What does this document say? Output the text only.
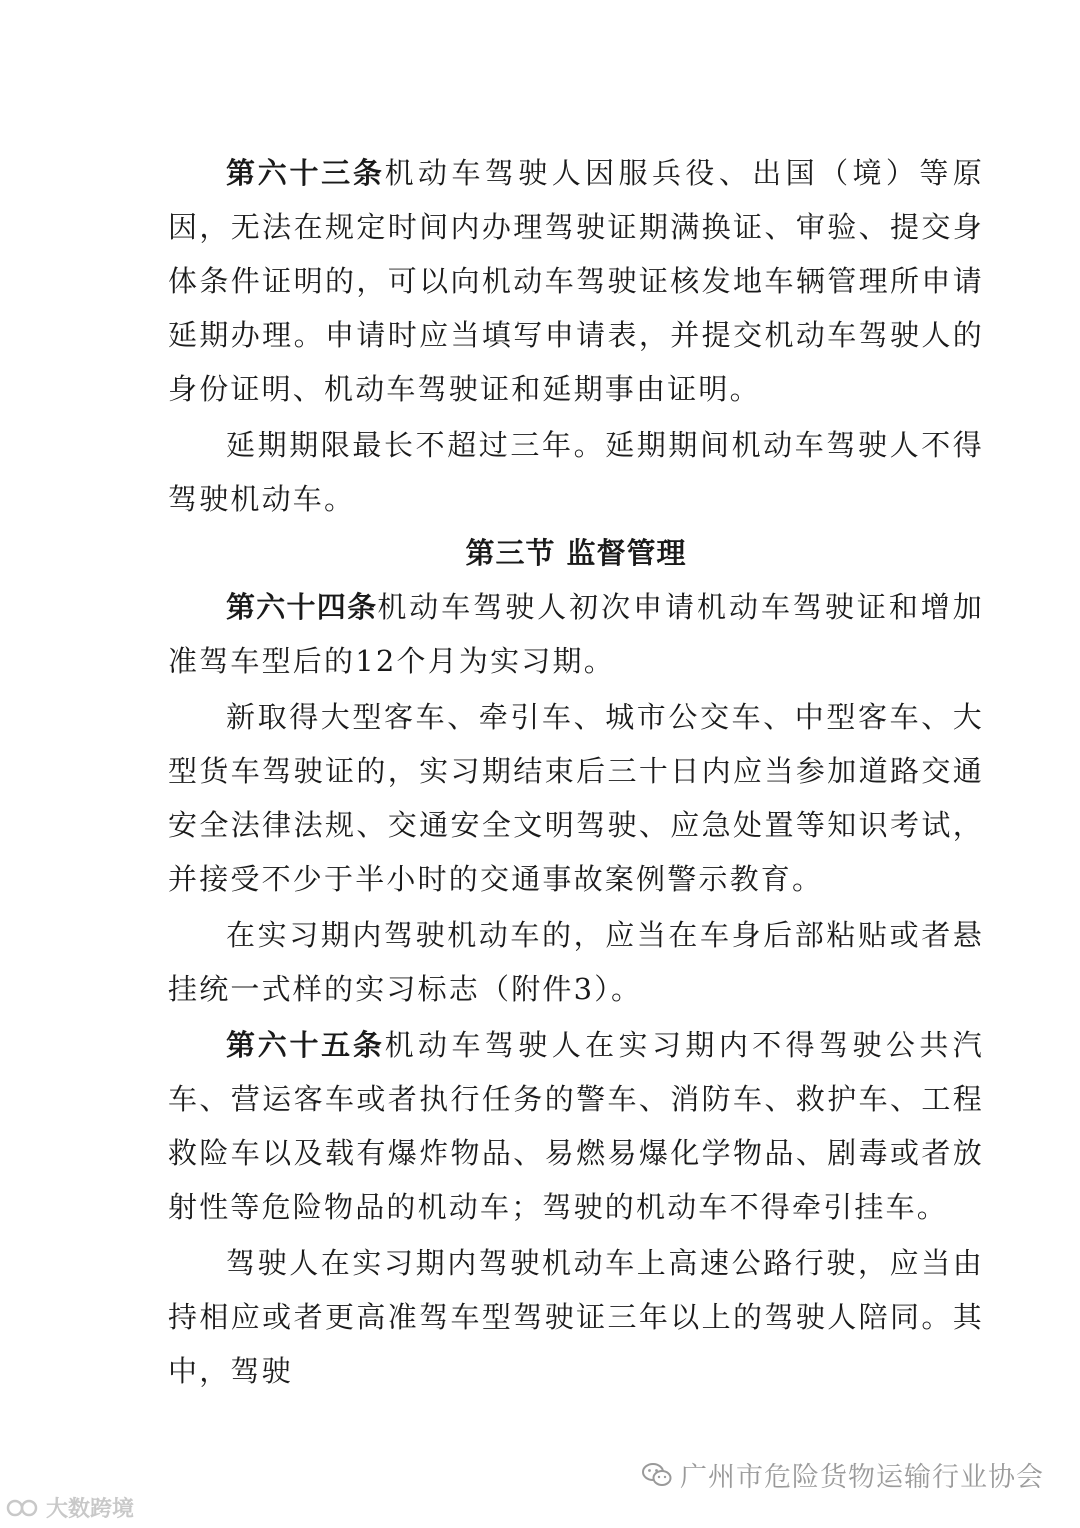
第六十三条机动车驾驶人因服兵役、出国（境）等原因，无法在规定时间内办理驾驶证期满换证、审验、提交身体条件证明的，可以向机动车驾驶证核发地车辆管理所申请延期办理。申请时应当填写申请表，并提交机动车驾驶人的身份证明、机动车驾驶证和延期事由证明。

延期期限最长不超过三年。延期期间机动车驾驶人不得驾驶机动车。

第三节 监督管理

第六十四条机动车驾驶人初次申请机动车驾驶证和增加准驾车型后的12个月为实习期。

新取得大型客车、牵引车、城市公交车、中型客车、大型货车驾驶证的，实习期结束后三十日内应当参加道路交通安全法律法规、交通安全文明驾驶、应急处置等知识考试，并接受不少于半小时的交通事故案例警示教育。

在实习期内驾驶机动车的，应当在车身后部粘贴或者悬挂统一式样的实习标志（附件3）。

第六十五条机动车驾驶人在实习期内不得驾驶公共汽车、营运客车或者执行任务的警车、消防车、救护车、工程救险车以及载有爆炸物品、易燃易爆化学物品、剧毒或者放射性等危险物品的机动车；驾驶的机动车不得牵引挂车。

驾驶人在实习期内驾驶机动车上高速公路行驶，应当由持相应或者更高准驾车型驾驶证三年以上的驾驶人陪同。其中，驾驶

广州市危险货物运输行业协会
大数跨境
